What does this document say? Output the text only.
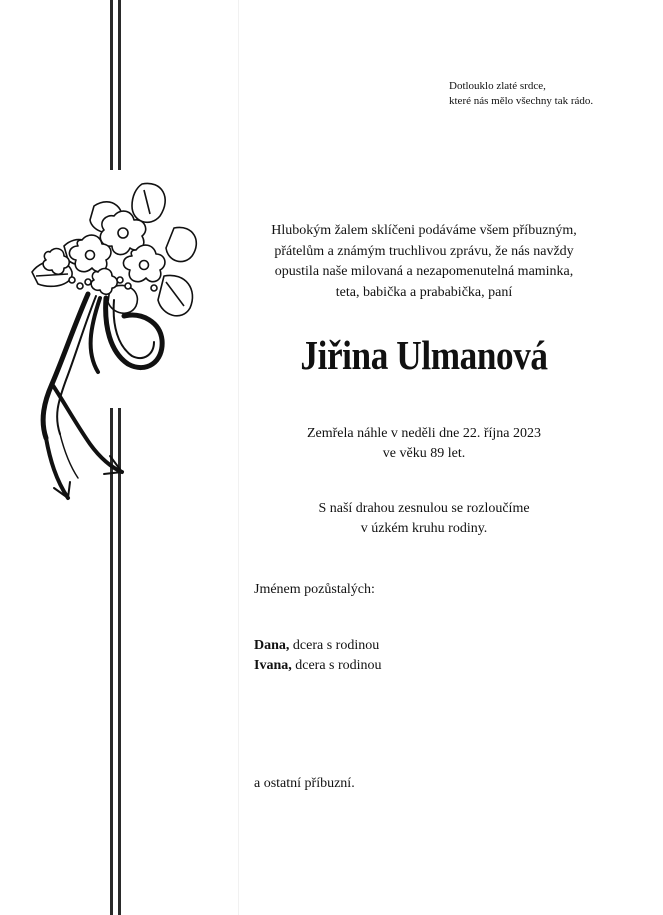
Dotlouklo zlaté srdce,
které nás mělo všechny tak rádo.
Hlubokým žalem sklíčeni podáváme všem příbuzným,
přátelům a známým truchlivou zprávu, že nás navždy
opustila naše milovaná a nezapomenutelná maminka,
teta, babička a prababička, paní
Jiřina Ulmanová
Zemřela náhle v neděli dne 22. října 2023
ve věku 89 let.
S naší drahou zesnulou se rozloučíme
v úzkém kruhu rodiny.
Jménem pozůstalých:
Dana, dcera s rodinou
Ivana, dcera s rodinou
a ostatní příbuzní.
